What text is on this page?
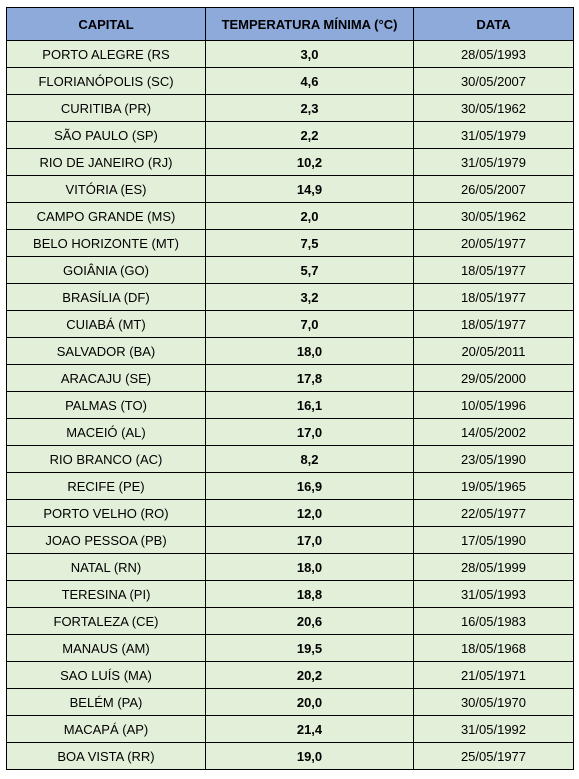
CAPITAL	TEMPERATURA MÍNIMA (°C)	DATA
PORTO ALEGRE (RS	3,0	28/05/1993
FLORIANÓPOLIS (SC)	4,6	30/05/2007
CURITIBA (PR)	2,3	30/05/1962
SÃO PAULO (SP)	2,2	31/05/1979
RIO DE JANEIRO (RJ)	10,2	31/05/1979
VITÓRIA (ES)	14,9	26/05/2007
CAMPO GRANDE (MS)	2,0	30/05/1962
BELO HORIZONTE (MT)	7,5	20/05/1977
GOIÂNIA (GO)	5,7	18/05/1977
BRASÍLIA (DF)	3,2	18/05/1977
CUIABÁ (MT)	7,0	18/05/1977
SALVADOR (BA)	18,0	20/05/2011
ARACAJU (SE)	17,8	29/05/2000
PALMAS (TO)	16,1	10/05/1996
MACEIÓ (AL)	17,0	14/05/2002
RIO BRANCO (AC)	8,2	23/05/1990
RECIFE (PE)	16,9	19/05/1965
PORTO VELHO (RO)	12,0	22/05/1977
JOAO PESSOA (PB)	17,0	17/05/1990
NATAL (RN)	18,0	28/05/1999
TERESINA (PI)	18,8	31/05/1993
FORTALEZA (CE)	20,6	16/05/1983
MANAUS (AM)	19,5	18/05/1968
SAO LUÍS (MA)	20,2	21/05/1971
BELÉM (PA)	20,0	30/05/1970
MACAPÁ (AP)	21,4	31/05/1992
BOA VISTA (RR)	19,0	25/05/1977
